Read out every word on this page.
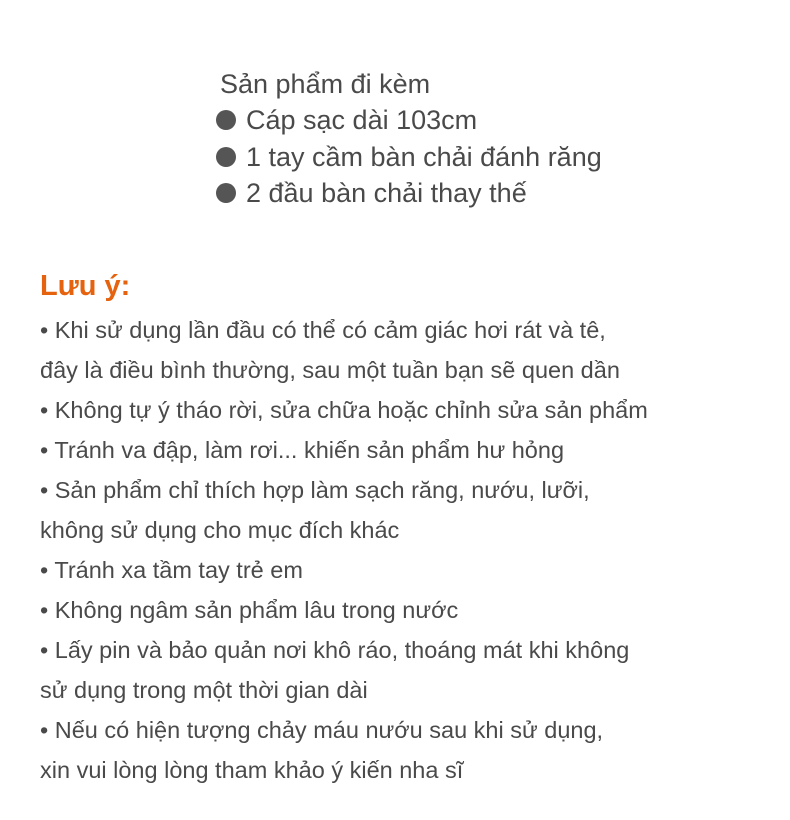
Sản phẩm đi kèm
Cáp sạc dài 103cm
1 tay cầm bàn chải đánh răng
2 đầu bàn chải thay thế
Lưu ý:
• Khi sử dụng lần đầu có thể có cảm giác hơi rát và tê,
đây là điều bình thường, sau một tuần bạn sẽ quen dần
• Không tự ý tháo rời, sửa chữa hoặc chỉnh sửa sản phẩm
• Tránh va đập, làm rơi... khiến sản phẩm hư hỏng
• Sản phẩm chỉ thích hợp làm sạch răng, nướu, lưỡi,
không sử dụng cho mục đích khác
• Tránh xa tầm tay trẻ em
• Không ngâm sản phẩm lâu trong nước
• Lấy pin và bảo quản nơi khô ráo, thoáng mát khi không
sử dụng trong một thời gian dài
• Nếu có hiện tượng chảy máu nướu sau khi sử dụng,
xin vui lòng lòng tham khảo ý kiến nha sĩ
